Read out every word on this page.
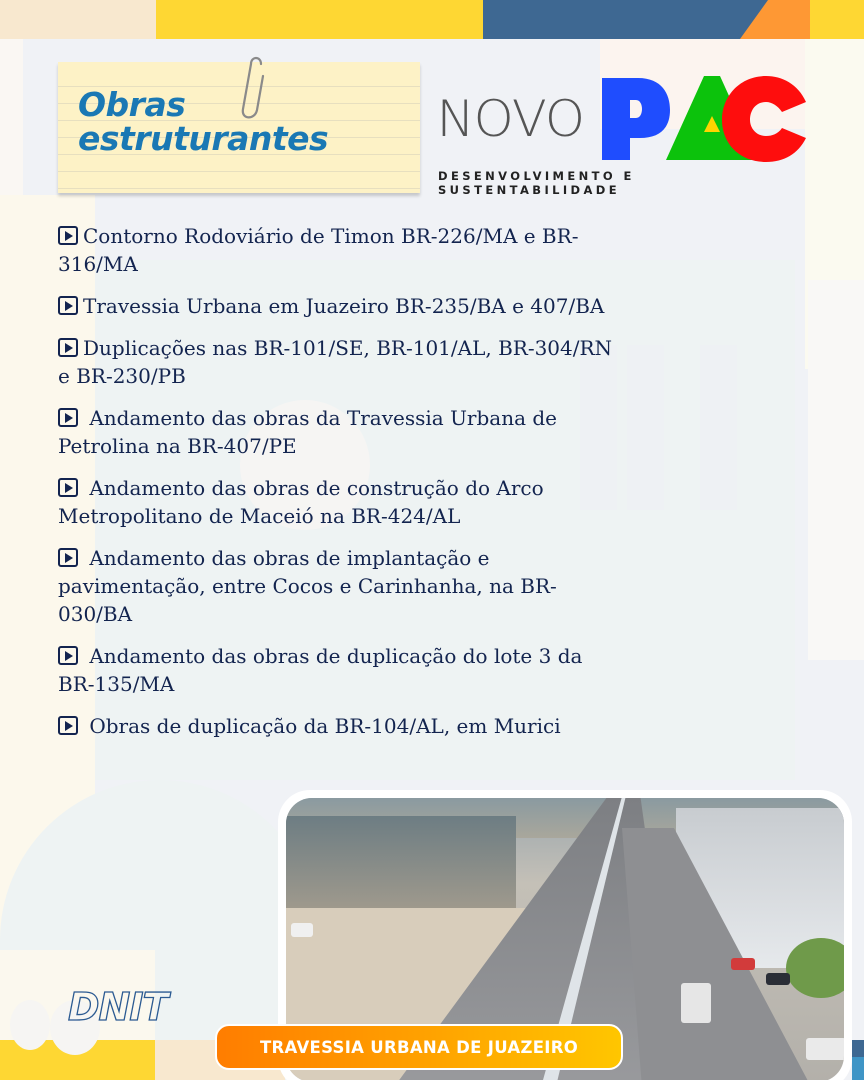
Obras
estruturantes NOVO
DESENVOLVIMENTO E SUSTENTABILIDADE
Contorno Rodoviário de Timon BR-226/MA e BR-316/MA
Travessia Urbana em Juazeiro BR-235/BA e 407/BA
Duplicações nas BR-101/SE, BR-101/AL, BR-304/RN e BR-230/PB
Andamento das obras da Travessia Urbana de Petrolina na BR-407/PE
Andamento das obras de construção do Arco Metropolitano de Maceió na BR-424/AL
Andamento das obras de implantação e pavimentação, entre Cocos e Carinhanha, na BR-030/BA
Andamento das obras de duplicação do lote 3 da BR-135/MA
Obras de duplicação da BR-104/AL, em Murici
TRAVESSIA URBANA DE JUAZEIRO
DNIT
